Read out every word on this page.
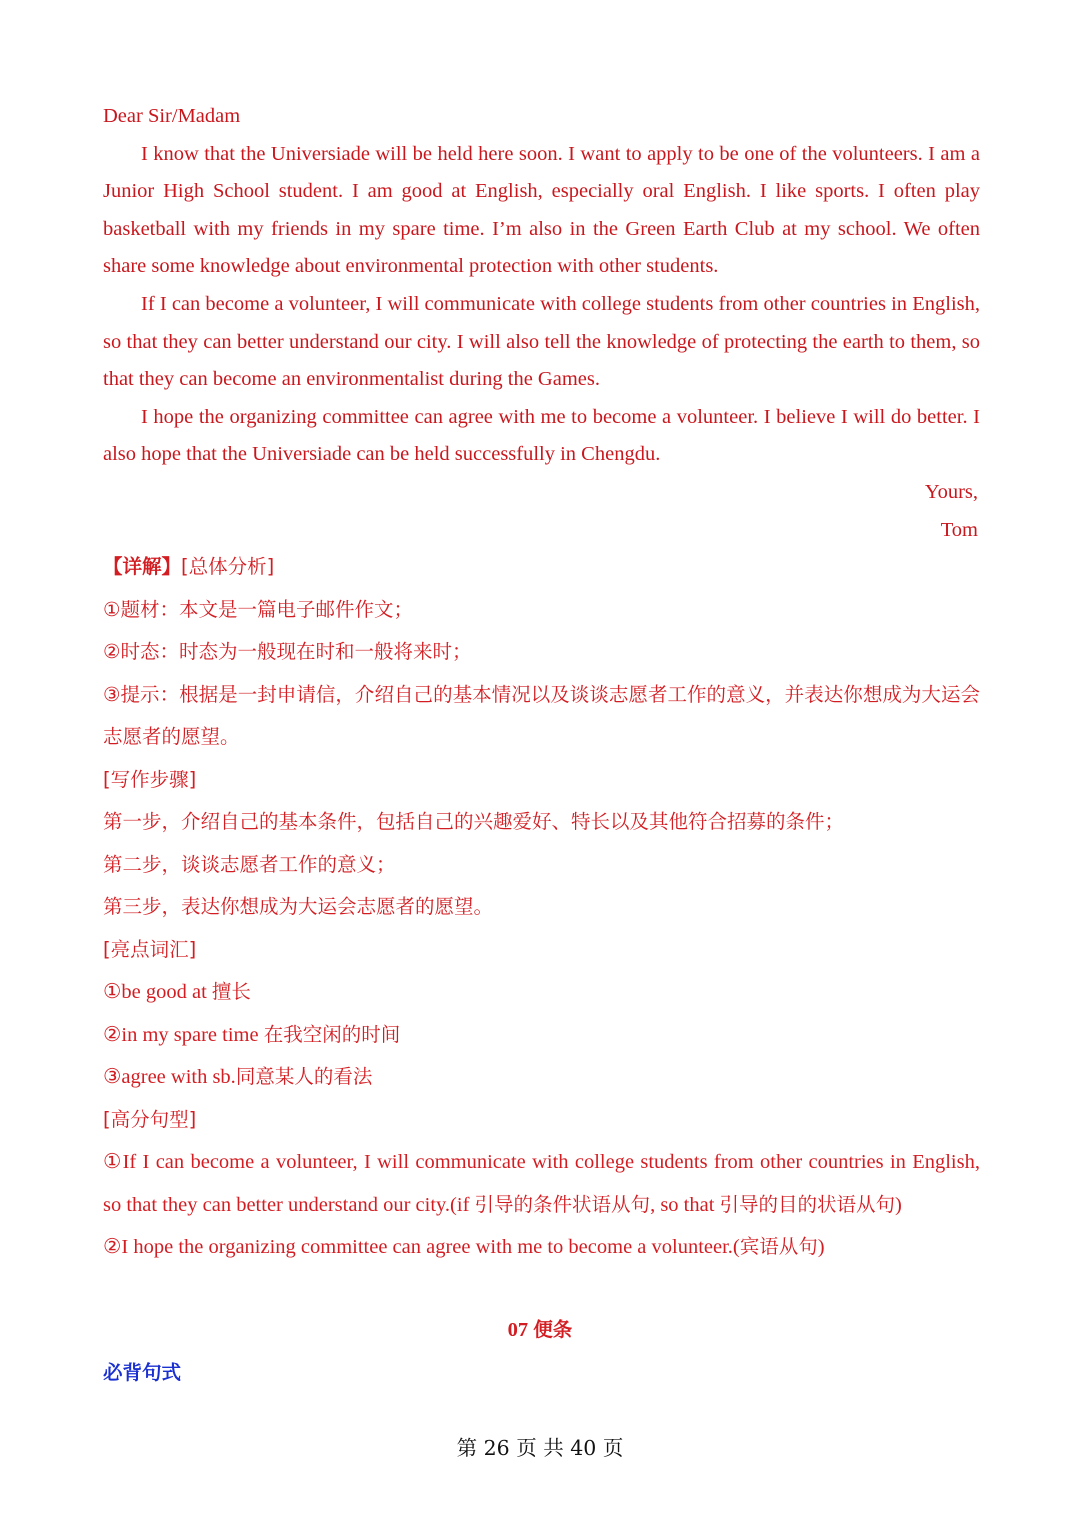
Dear Sir/Madam

I know that the Universiade will be held here soon. I want to apply to be one of the volunteers. I am a Junior High School student. I am good at English, especially oral English. I like sports. I often play basketball with my friends in my spare time. I’m also in the Green Earth Club at my school. We often share some knowledge about environmental protection with other students.

If I can become a volunteer, I will communicate with college students from other countries in English, so that they can better understand our city. I will also tell the knowledge of protecting the earth to them, so that they can become an environmentalist during the Games.

I hope the organizing committee can agree with me to become a volunteer. I believe I will do better. I also hope that the Universiade can be held successfully in Chengdu.

Yours,

Tom

【详解】[总体分析]

①题材：本文是一篇电子邮件作文；

②时态：时态为一般现在时和一般将来时；

③提示：根据是一封申请信，介绍自己的基本情况以及谈谈志愿者工作的意义，并表达你想成为大运会志愿者的愿望。

[写作步骤]

第一步，介绍自己的基本条件，包括自己的兴趣爱好、特长以及其他符合招募的条件；

第二步，谈谈志愿者工作的意义；

第三步，表达你想成为大运会志愿者的愿望。

[亮点词汇]

①be good at 擅长

②in my spare time 在我空闲的时间

③agree with sb.同意某人的看法

[高分句型]

①If I can become a volunteer, I will communicate with college students from other countries in English, so that they can better understand our city.(if 引导的条件状语从句, so that 引导的目的状语从句)

②I hope the organizing committee can agree with me to become a volunteer.(宾语从句)

07 便条
必背句式
第 26 页 共 40 页
